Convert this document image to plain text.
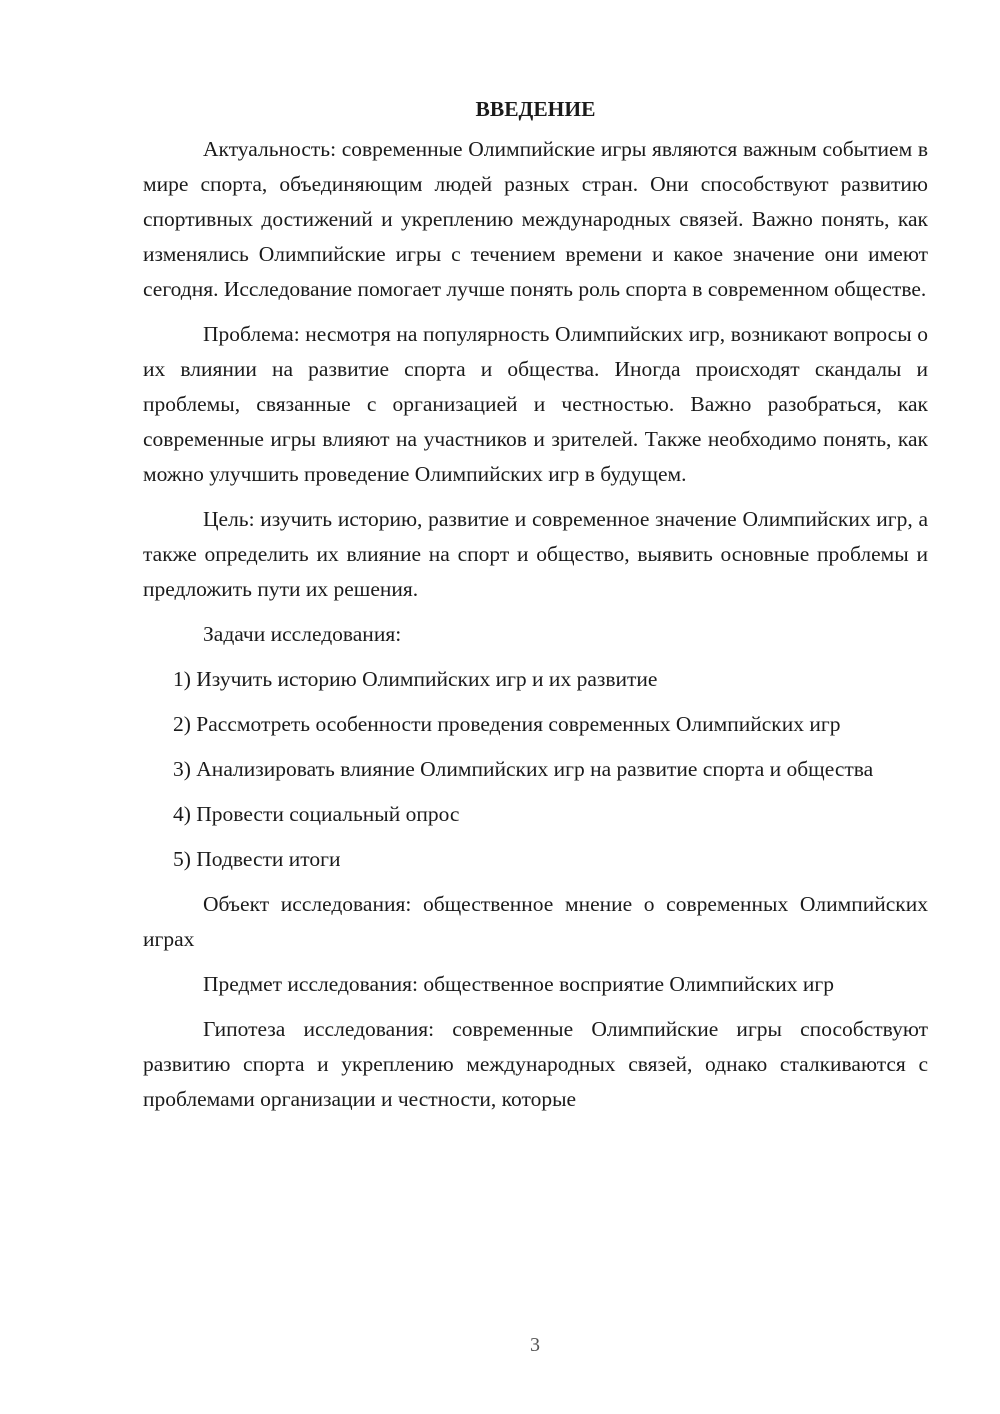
ВВЕДЕНИЕ

Актуальность: современные Олимпийские игры являются важным событием в мире спорта, объединяющим людей разных стран. Они способствуют развитию спортивных достижений и укреплению международных связей. Важно понять, как изменялись Олимпийские игры с течением времени и какое значение они имеют сегодня. Исследование помогает лучше понять роль спорта в современном обществе.

Проблема: несмотря на популярность Олимпийских игр, возникают вопросы о их влиянии на развитие спорта и общества. Иногда происходят скандалы и проблемы, связанные с организацией и честностью. Важно разобраться, как современные игры влияют на участников и зрителей. Также необходимо понять, как можно улучшить проведение Олимпийских игр в будущем.

Цель: изучить историю, развитие и современное значение Олимпийских игр, а также определить их влияние на спорт и общество, выявить основные проблемы и предложить пути их решения.

Задачи исследования:

1) Изучить историю Олимпийских игр и их развитие

2) Рассмотреть особенности проведения современных Олимпийских игр

3) Анализировать влияние Олимпийских игр на развитие спорта и общества

4) Провести социальный опрос

5) Подвести итоги

Объект исследования: общественное мнение о современных Олимпийских играх

Предмет исследования: общественное восприятие Олимпийских игр

Гипотеза исследования: современные Олимпийские игры способствуют развитию спорта и укреплению международных связей, однако сталкиваются с проблемами организации и честности, которые

3
